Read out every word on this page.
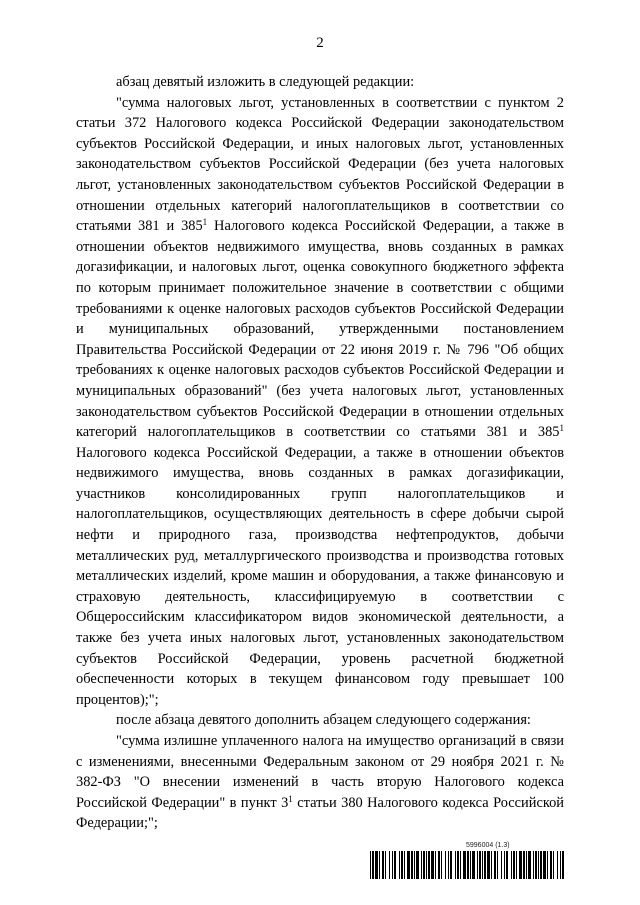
2

абзац девятый изложить в следующей редакции:

"сумма налоговых льгот, установленных в соответствии с пунктом 2 статьи 372 Налогового кодекса Российской Федерации законодательством субъектов Российской Федерации, и иных налоговых льгот, установленных законодательством субъектов Российской Федерации (без учета налоговых льгот, установленных законодательством субъектов Российской Федерации в отношении отдельных категорий налогоплательщиков в соответствии со статьями 381 и $385^1$ Налогового кодекса Российской Федерации, а также в отношении объектов недвижимого имущества, вновь созданных в рамках догазификации, и налоговых льгот, оценка совокупного бюджетного эффекта по которым принимает положительное значение в соответствии с общими требованиями к оценке налоговых расходов субъектов Российской Федерации и муниципальных образований, утвержденными постановлением Правительства Российской Федерации от 22 июня 2019 г. № 796 "Об общих требованиях к оценке налоговых расходов субъектов Российской Федерации и муниципальных образований" (без учета налоговых льгот, установленных законодательством субъектов Российской Федерации в отношении отдельных категорий налогоплательщиков в соответствии со статьями 381 и $385^1$ Налогового кодекса Российской Федерации, а также в отношении объектов недвижимого имущества, вновь созданных в рамках догазификации, участников консолидированных групп налогоплательщиков и налогоплательщиков, осуществляющих деятельность в сфере добычи сырой нефти и природного газа, производства нефтепродуктов, добычи металлических руд, металлургического производства и производства готовых металлических изделий, кроме машин и оборудования, а также финансовую и страховую деятельность, классифицируемую в соответствии с Общероссийским классификатором видов экономической деятельности, а также без учета иных налоговых льгот, установленных законодательством субъектов Российской Федерации, уровень расчетной бюджетной обеспеченности которых в текущем финансовом году превышает 100 процентов);";

после абзаца девятого дополнить абзацем следующего содержания:

"сумма излишне уплаченного налога на имущество организаций в связи с изменениями, внесенными Федеральным законом от 29 ноября 2021 г. № 382-ФЗ "О внесении изменений в часть вторую Налогового кодекса Российской Федерации" в пункт $3^1$ статьи 380 Налогового кодекса Российской Федерации;";

5996004 (1.3)
